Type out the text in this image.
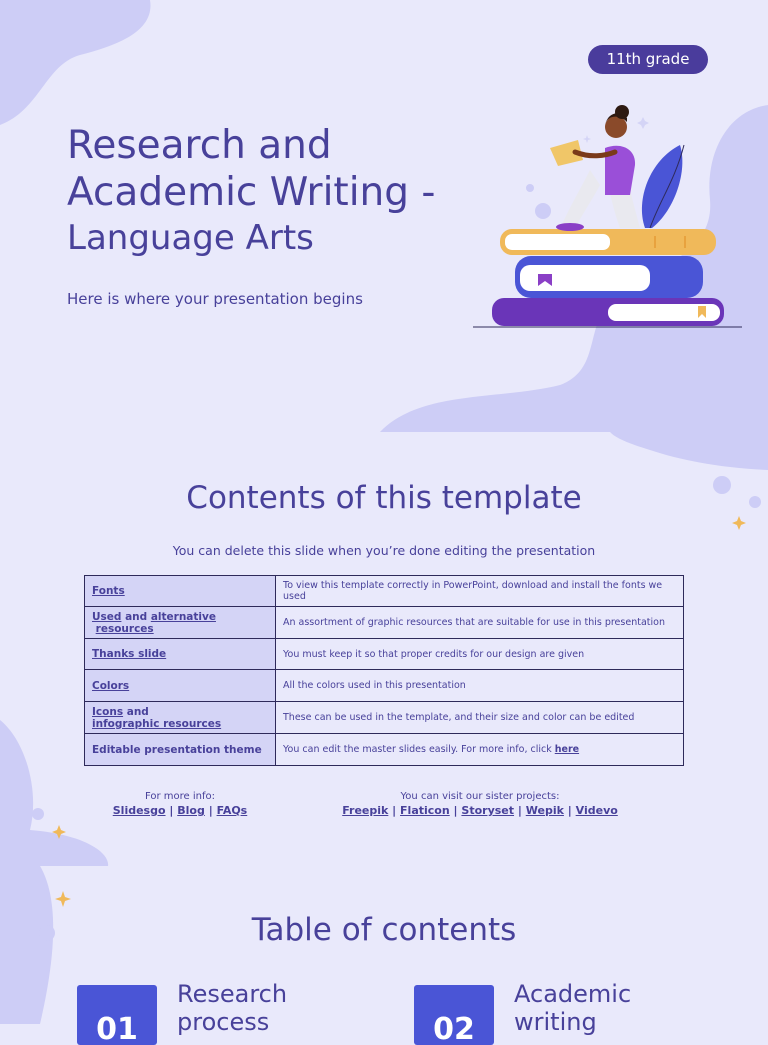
11th grade
Research and
Academic Writing -

Language Arts
Here is where your presentation begins
Contents of this template
You can delete this slide when you’re done editing the presentation
Fonts	To view this template correctly in PowerPoint, download and install the fonts we used
Used and alternative
resources	An assortment of graphic resources that are suitable for use in this presentation
Thanks slide	You must keep it so that proper credits for our design are given
Colors	All the colors used in this presentation
Icons and
infographic resources	These can be used in the template, and their size and color can be edited
Editable presentation theme	You can edit the master slides easily. For more info, click here
For more info:
Slidesgo | Blog | FAQs
You can visit our sister projects:
Freepik | Flaticon | Storyset | Wepik | Videvo
Table of contents
01
Research
process	02
Academic
writing
